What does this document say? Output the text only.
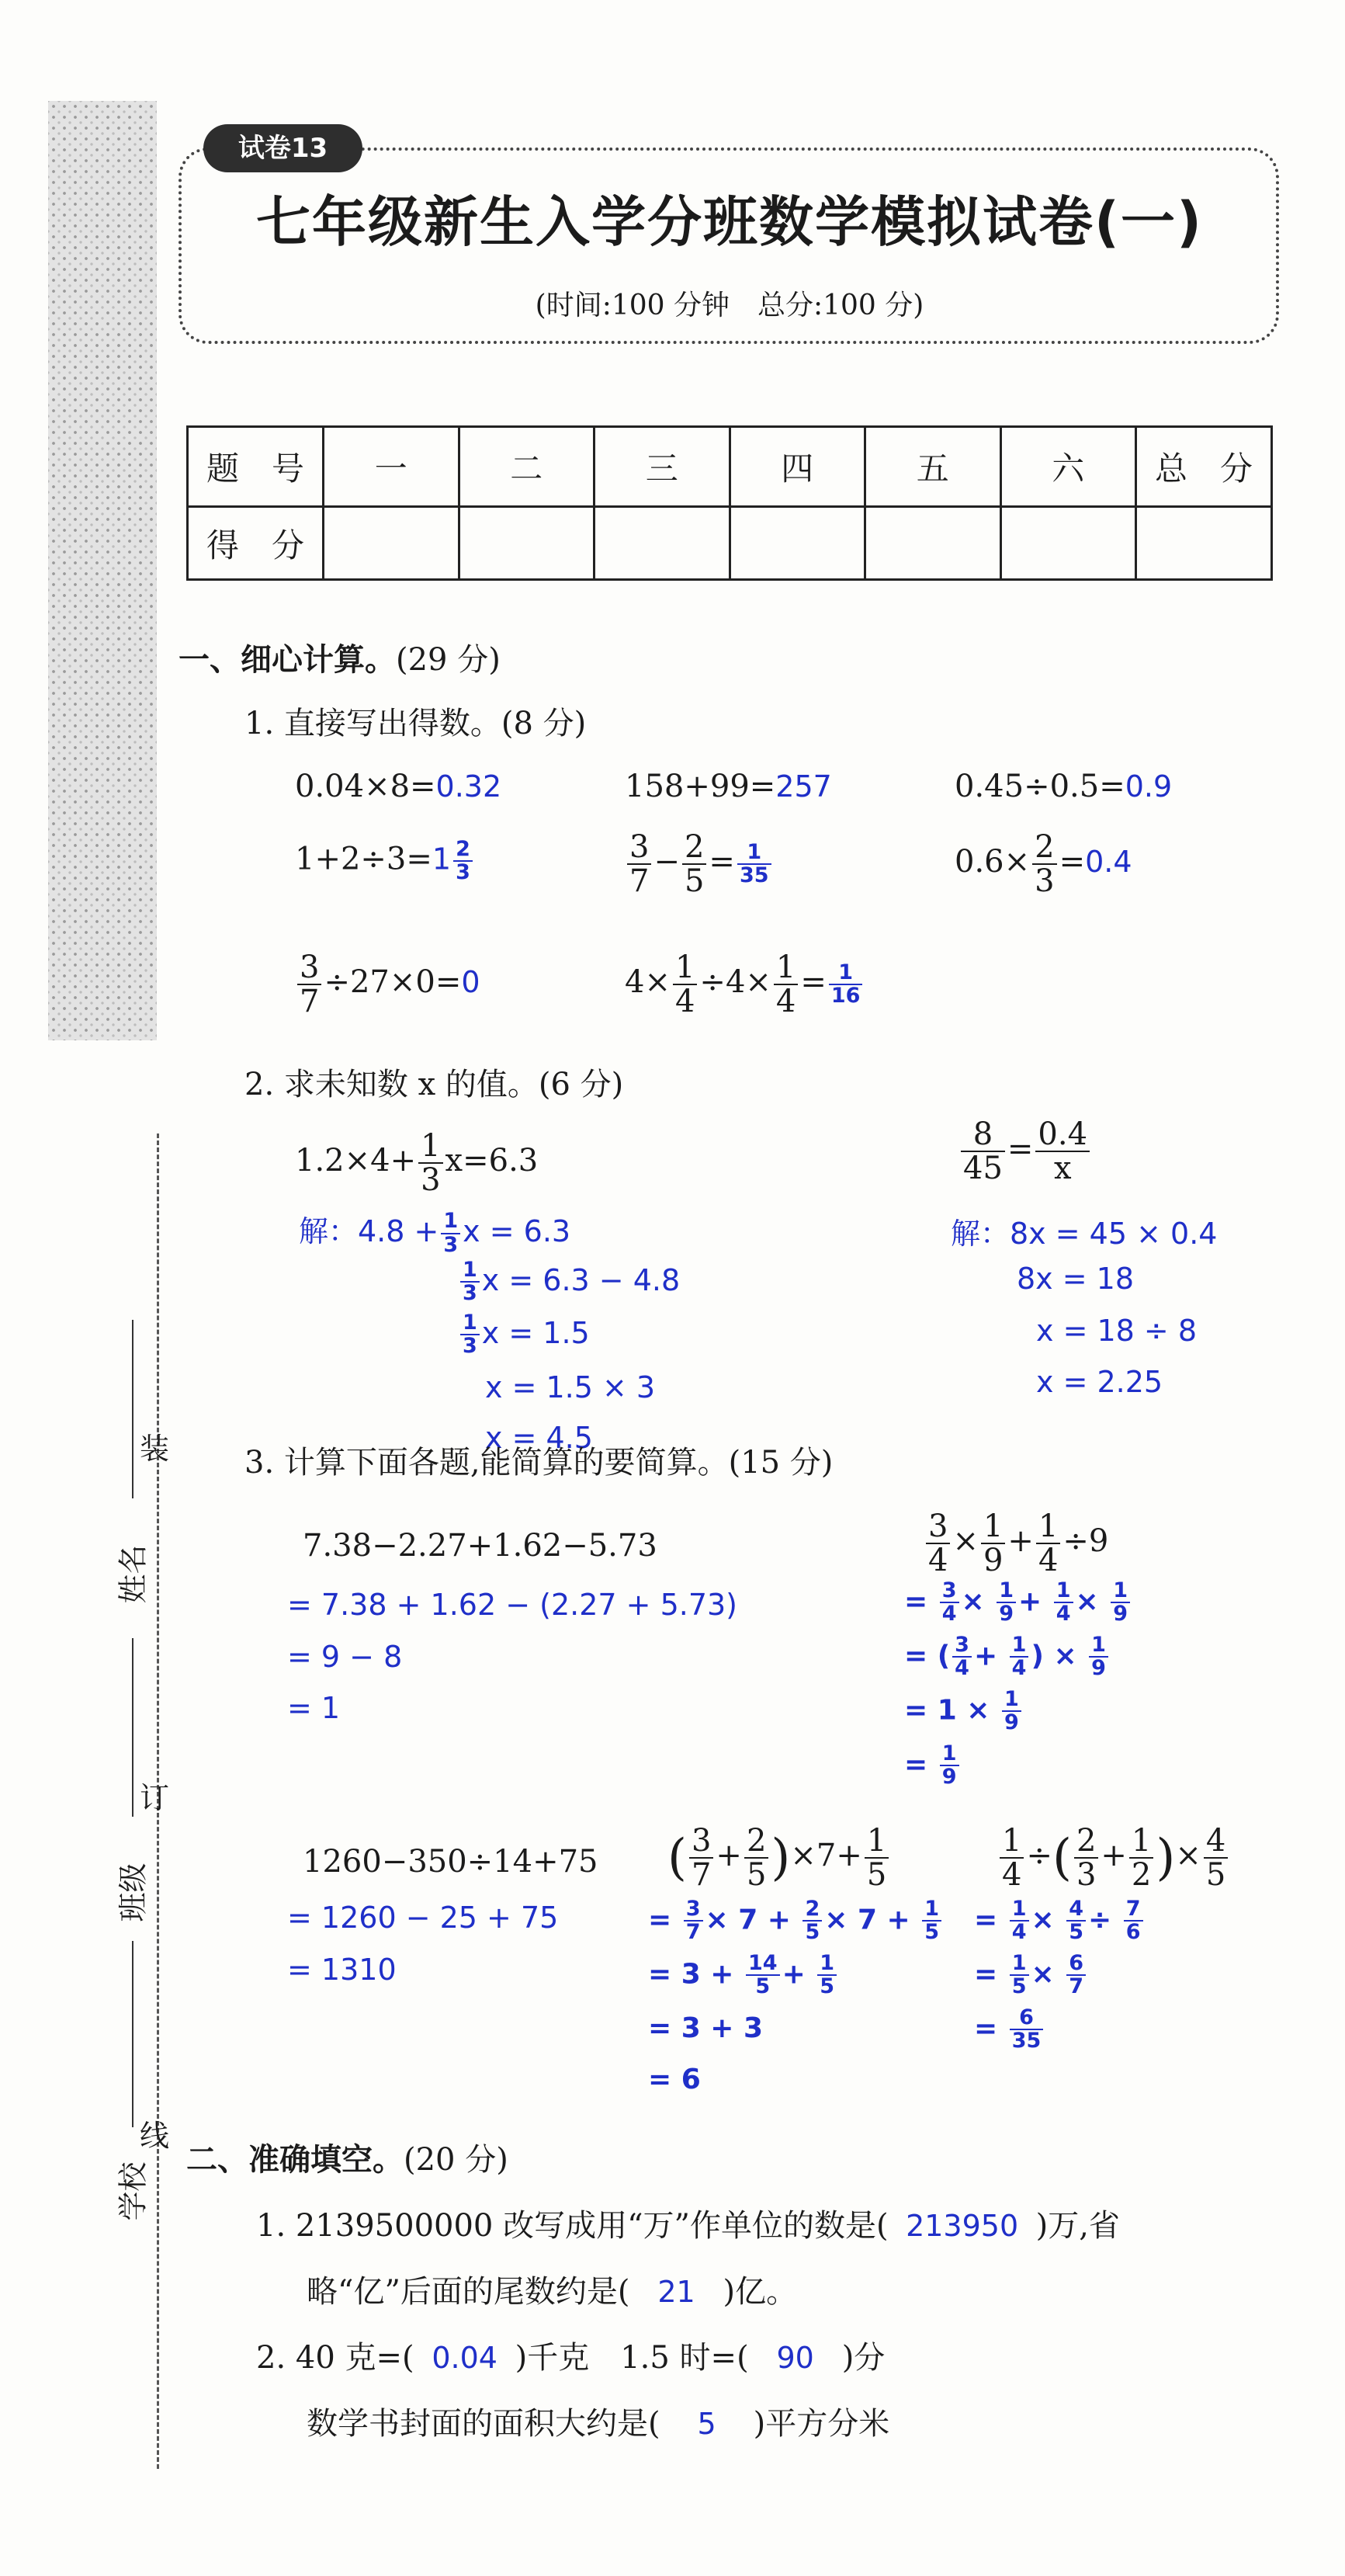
试卷13
七年级新生入学分班数学模拟试卷(一)
(时间:100 分钟　总分:100 分)
题　号	一	二	三	四	五	六	总　分
得　分							
装
订
线
姓名
班级
学校
一、细心计算。(29 分)
1. 直接写出得数。(8 分)
0.04×8=0.32	158+99=257	0.45÷0.5=0.9
$1+2\div 3=1 \frac{2}{3}$	$\frac{3}{7} - \frac{2}{5} = \frac{1}{35}$	$0.6\times \frac{2}{3} =0.4$
$\frac{3}{7} \div 27\times 0=0$	$4\times \frac{1}{4} \div 4\times \frac{1}{4} = \frac{1}{16}$
2. 求未知数 x 的值。(6 分)
$1.2\times 4+ \frac{1}{3} x=6.3$
解：$4.8 + \frac{1}{3}$ x = 6.3
$\frac{1}{3}$ x = 6.3 − 4.8
$\frac{1}{3}$ x = 1.5
x = 1.5 × 3
x = 4.5
$\frac{8}{45} = \frac{0.4}{x}$
解：8x = 45 × 0.4
8x = 18
x = 18 ÷ 8
x = 2.25
3. 计算下面各题,能简算的要简算。(15 分)
7.38−2.27+1.62−5.73
= 7.38 + 1.62 − (2.27 + 5.73)
= 9 − 8
= 1
$\frac{3}{4} \times \frac{1}{9} + \frac{1}{4} \div 9$
= $\frac{3}{4} \times \frac{1}{9} + \frac{1}{4} \times \frac{1}{9}$
= ( $\frac{3}{4} + \frac{1}{4}$ ) × $\frac{1}{9}$
= $1 \times \frac{1}{9}$
= $\frac{1}{9}$
1260−350÷14+75
= 1260 − 25 + 75
= 1310
( $\frac{3}{7} + \frac{2}{5} )\times 7+ \frac{1}{5}$
= $\frac{3}{7} \times 7 + \frac{2}{5} \times 7 + \frac{1}{5}$
= $3 + \frac{14}{5} + \frac{1}{5}$
= 3 + 3
= 6
$\frac{1}{4}$ ÷( $\frac{2}{3} + \frac{1}{2}$ )× $\frac{4}{5}$
= $\frac{1}{4} \times \frac{4}{5} \div \frac{7}{6}$
= $\frac{1}{5} \times \frac{6}{7}$
= $\frac{6}{35}$
二、准确填空。(20 分)
1. 2139500000 改写成用“万”作单位的数是( 213950 )万,省
略“亿”后面的尾数约是( 21 )亿。
2. 40 克=( 0.04 )千克　1.5 时=( 90 )分
数学书封面的面积大约是( 5 )平方分米
